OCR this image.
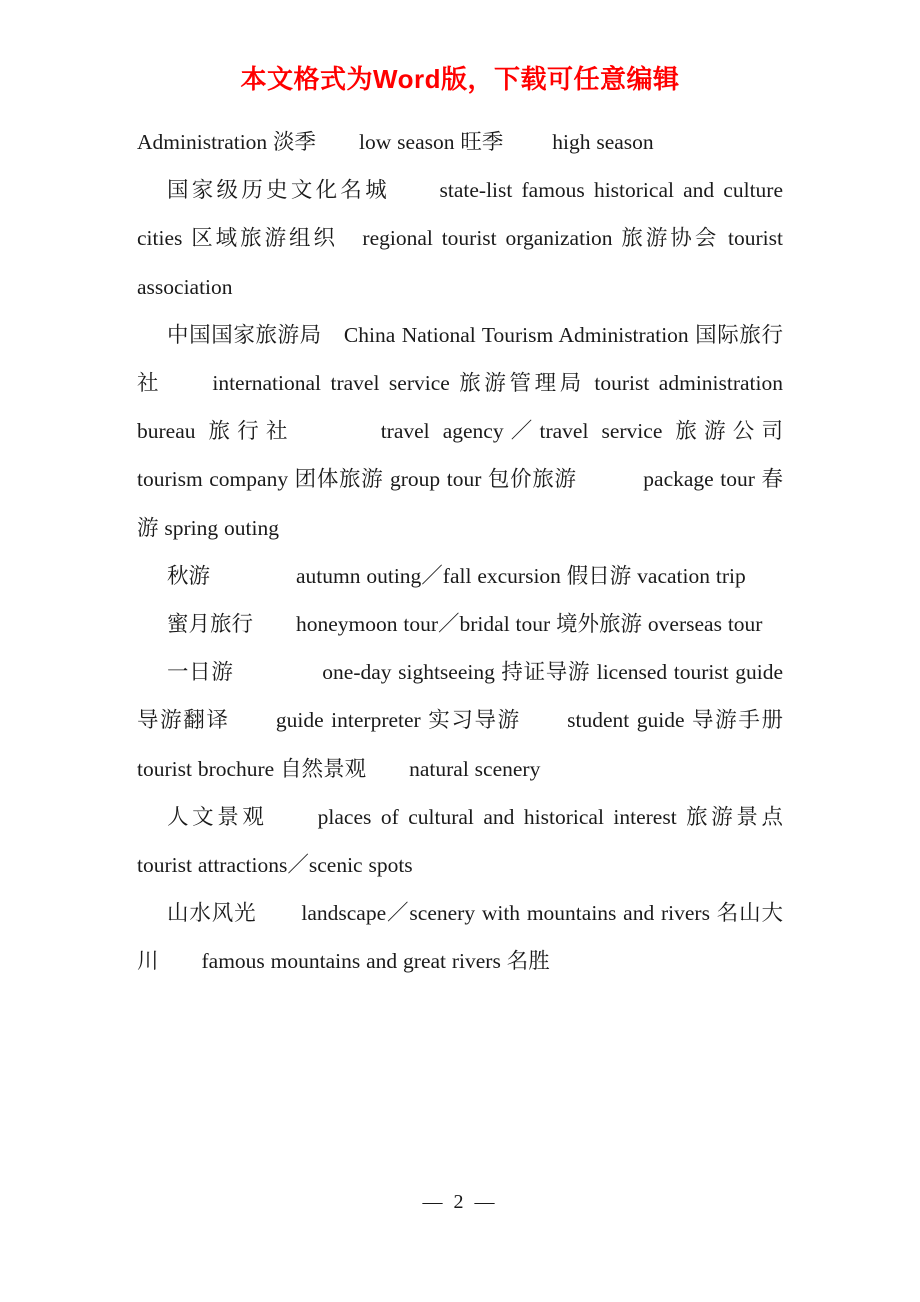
本文格式为Word版，下载可任意编辑

Administration 淡季　　low season 旺季　　 high season

国家级历史文化名城　　state-list famous historical and culture cities 区域旅游组织　regional tourist organization 旅游协会 tourist association

中国国家旅游局　China National Tourism Administration 国际旅行社　　international travel service 旅游管理局 tourist administration bureau 旅行社　　　travel agency／travel service 旅游公司　　tourism company 团体旅游 group tour 包价旅游　　　package tour 春游 spring outing

秋游　　　　autumn outing／fall excursion 假日游 vacation trip

蜜月旅行　　honeymoon tour／bridal tour 境外旅游 overseas tour

一日游　　　　one-day sightseeing 持证导游 licensed tourist guide 导游翻译　　guide interpreter 实习导游　　student guide 导游手册　　tourist brochure 自然景观　　natural scenery

人文景观　　places of cultural and historical interest 旅游景点　　tourist attractions／scenic spots

山水风光　　landscape／scenery with mountains and rivers 名山大川　　famous mountains and great rivers 名胜

— 2 —
